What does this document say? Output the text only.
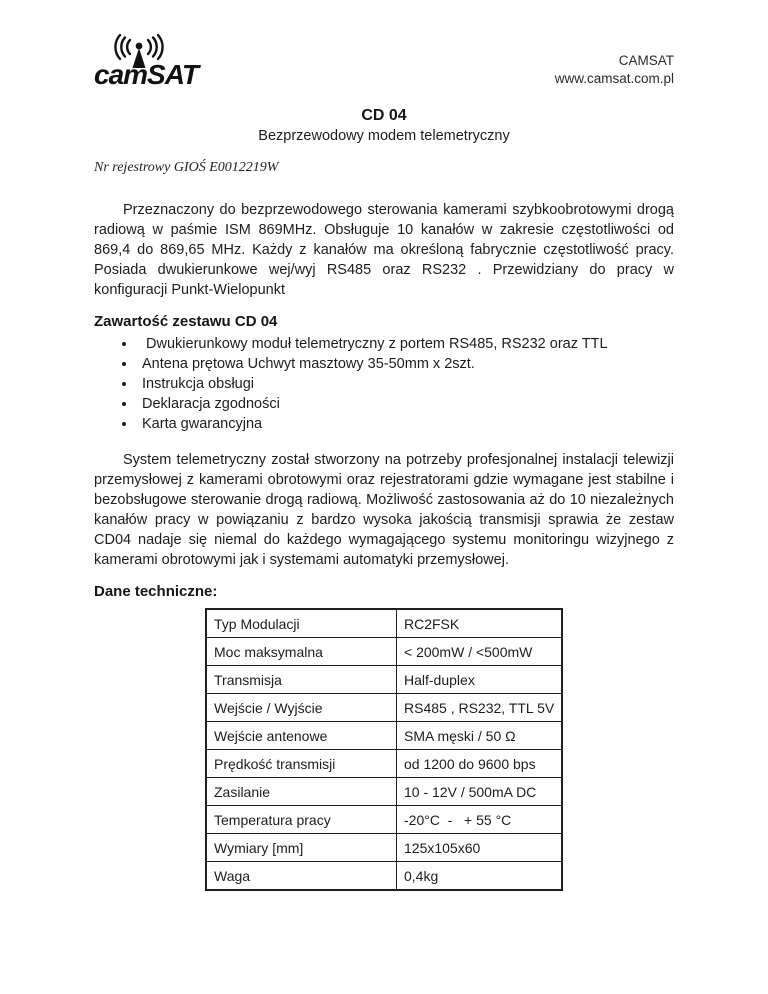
camSAT	CAMSAT
www.camsat.com.pl
CD 04
Bezprzewodowy modem telemetryczny
Nr rejestrowy GIOŚ E0012219W

Przeznaczony do bezprzewodowego sterowania kamerami szybkoobrotowymi drogą radiową w paśmie ISM 869MHz. Obsługuje 10 kanałów w zakresie częstotliwości od 869,4 do 869,65 MHz. Każdy z kanałów ma określoną fabrycznie częstotliwość pracy. Posiada dwukierunkowe wej/wyj RS485 oraz RS232 . Przewidziany do pracy w konfiguracji Punkt-Wielopunkt

Zawartość zestawu CD 04
•  Dwukierunkowy moduł telemetryczny z portem RS485, RS232 oraz TTL
• Antena prętowa Uchwyt masztowy 35-50mm x 2szt.
• Instrukcja obsługi
• Deklaracja zgodności
• Karta gwarancyjna

System telemetryczny został stworzony na potrzeby profesjonalnej instalacji telewizji przemysłowej z kamerami obrotowymi oraz rejestratorami gdzie wymagane jest stabilne i bezobsługowe sterowanie drogą radiową. Możliwość zastosowania aż do 10 niezależnych kanałów pracy w powiązaniu z bardzo wysoka jakością transmisji sprawia że zestaw CD04 nadaje się niemal do każdego wymagającego systemu monitoringu wizyjnego z kamerami obrotowymi jak i systemami automatyki przemysłowej.

Dane techniczne:
Typ Modulacji	RC2FSK
Moc maksymalna	< 200mW / <500mW
Transmisja	Half-duplex
Wejście / Wyjście	RS485 , RS232, TTL 5V
Wejście antenowe	SMA męski / 50 Ω
Prędkość transmisji	od 1200 do 9600 bps
Zasilanie	10 - 12V / 500mA DC
Temperatura pracy	-20°C  -   + 55 °C
Wymiary [mm]	125x105x60
Waga	0,4kg
